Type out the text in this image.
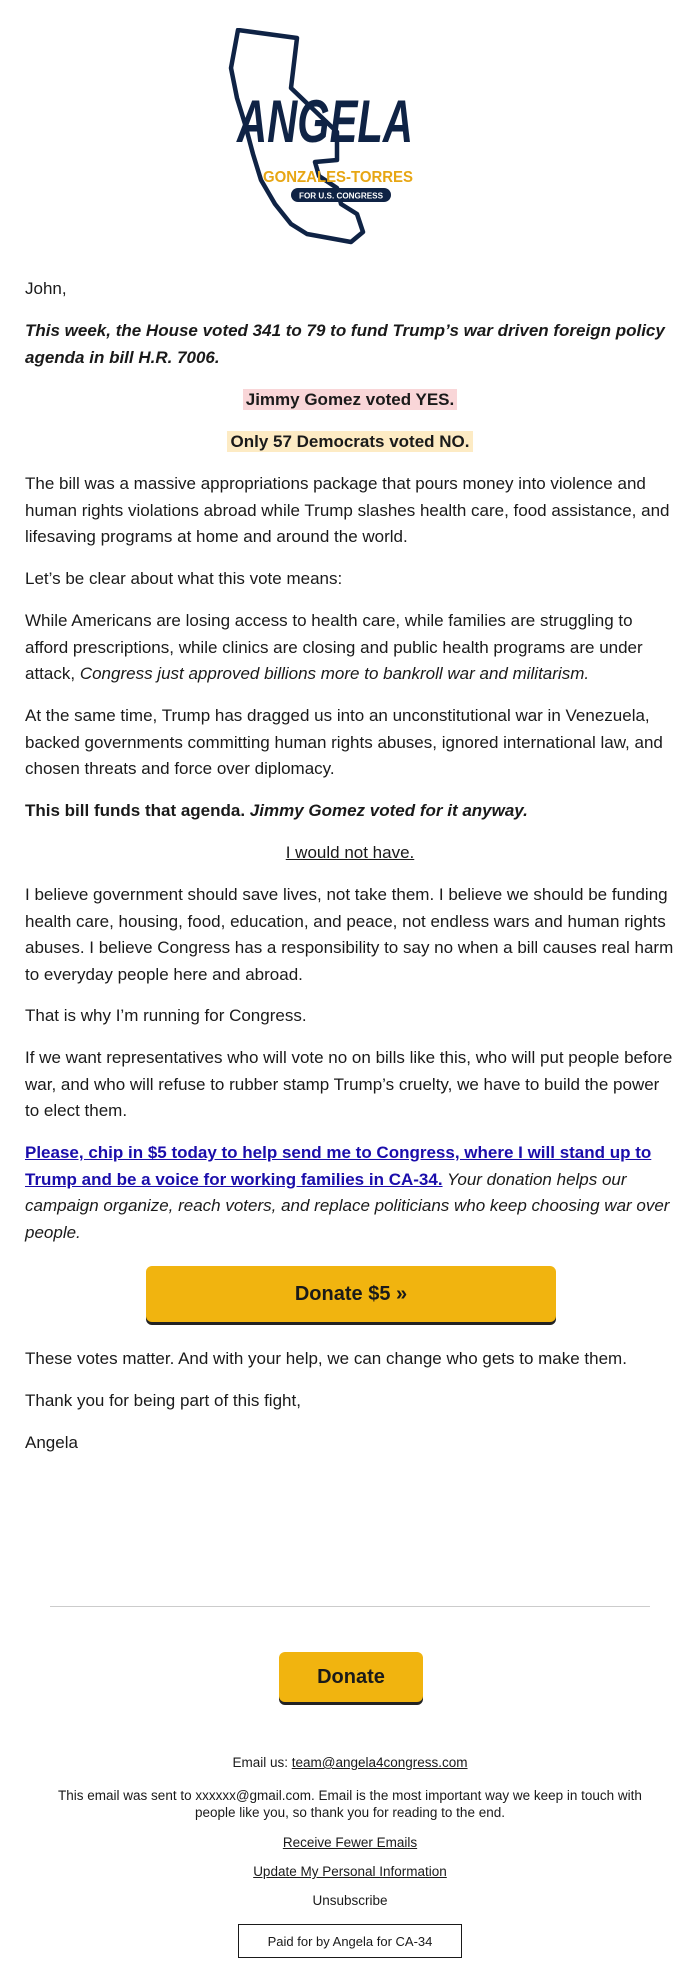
ANGELA
GONZALES-TORRES
FOR U.S. CONGRESS

John,

This week, the House voted 341 to 79 to fund Trump’s war driven foreign policy agenda in bill H.R. 7006.

Jimmy Gomez voted YES.

Only 57 Democrats voted NO.

The bill was a massive appropriations package that pours money into violence and human rights violations abroad while Trump slashes health care, food assistance, and lifesaving programs at home and around the world.

Let’s be clear about what this vote means:

While Americans are losing access to health care, while families are struggling to afford prescriptions, while clinics are closing and public health programs are under attack, Congress just approved billions more to bankroll war and militarism.

At the same time, Trump has dragged us into an unconstitutional war in Venezuela, backed governments committing human rights abuses, ignored international law, and chosen threats and force over diplomacy.

This bill funds that agenda. Jimmy Gomez voted for it anyway.

I would not have.

I believe government should save lives, not take them. I believe we should be funding health care, housing, food, education, and peace, not endless wars and human rights abuses. I believe Congress has a responsibility to say no when a bill causes real harm to everyday people here and abroad.

That is why I’m running for Congress.

If we want representatives who will vote no on bills like this, who will put people before war, and who will refuse to rubber stamp Trump’s cruelty, we have to build the power to elect them.

Please, chip in $5 today to help send me to Congress, where I will stand up to Trump and be a voice for working families in CA-34. Your donation helps our campaign organize, reach voters, and replace politicians who keep choosing war over people.

Donate $5 »

These votes matter. And with your help, we can change who gets to make them.

Thank you for being part of this fight,

Angela

Donate
Email us: team@angela4congress.com
This email was sent to xxxxxx@gmail.com. Email is the most important way we keep in touch with people like you, so thank you for reading to the end.
Receive Fewer Emails
Update My Personal Information
Unsubscribe
Paid for by Angela for CA-34
